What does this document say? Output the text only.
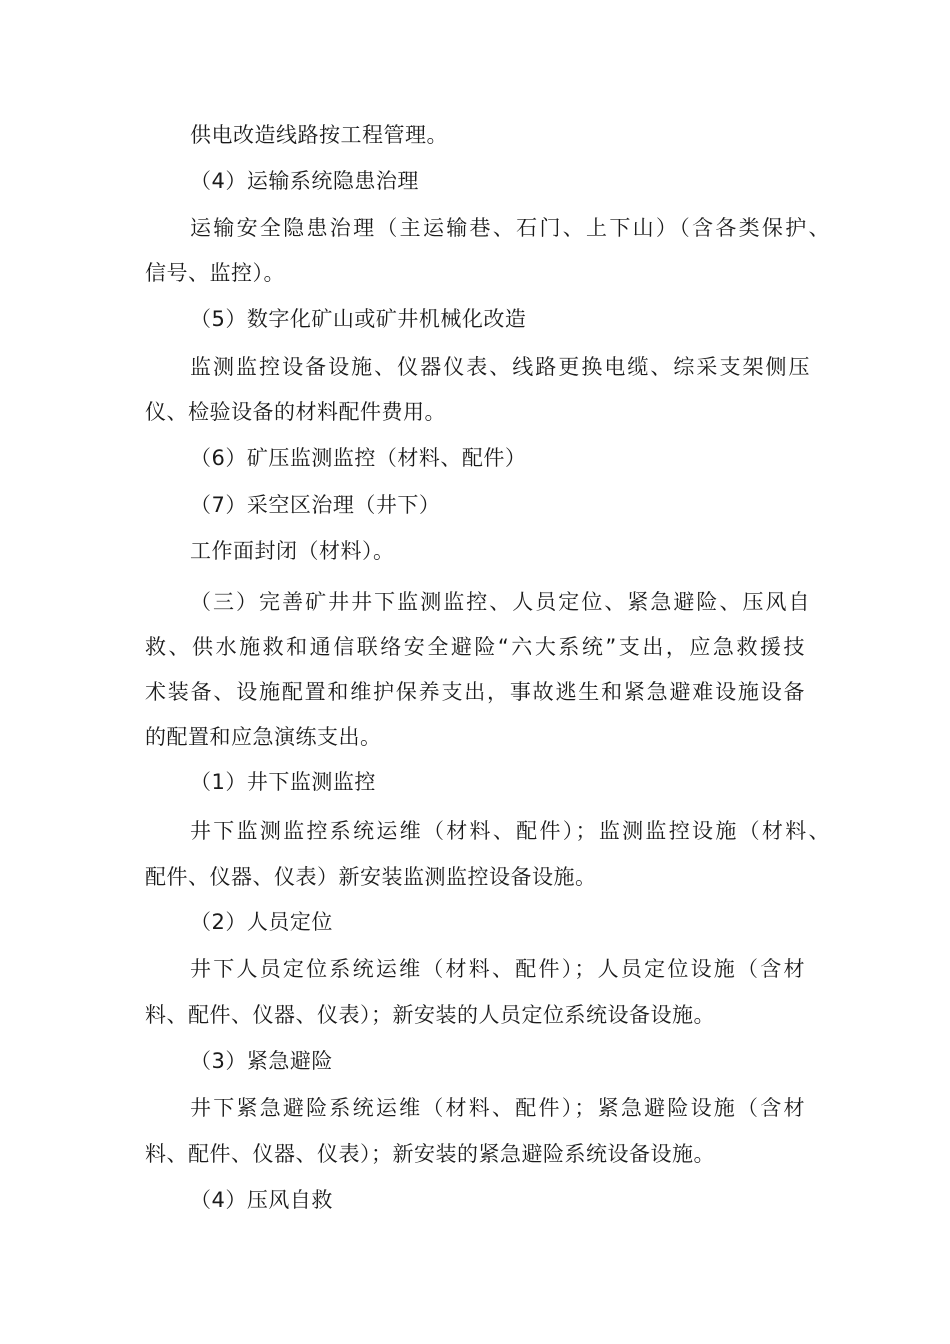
供电改造线路按工程管理。
（4）运输系统隐患治理
运输安全隐患治理（主运输巷、石门、上下山）（含各类保护、
信号、监控）。
（5）数字化矿山或矿井机械化改造
监测监控设备设施、仪器仪表、线路更换电缆、综采支架侧压
仪、检验设备的材料配件费用。
（6）矿压监测监控（材料、配件）
（7）采空区治理（井下）
工作面封闭（材料）。
（三）完善矿井井下监测监控、人员定位、紧急避险、压风自
救、供水施救和通信联络安全避险“六大系统”支出，应急救援技
术装备、设施配置和维护保养支出，事故逃生和紧急避难设施设备
的配置和应急演练支出。
（1）井下监测监控
井下监测监控系统运维（材料、配件）；监测监控设施（材料、
配件、仪器、仪表）新安装监测监控设备设施。
（2）人员定位
井下人员定位系统运维（材料、配件）；人员定位设施（含材
料、配件、仪器、仪表）；新安装的人员定位系统设备设施。
（3）紧急避险
井下紧急避险系统运维（材料、配件）；紧急避险设施（含材
料、配件、仪器、仪表）；新安装的紧急避险系统设备设施。
（4）压风自救
